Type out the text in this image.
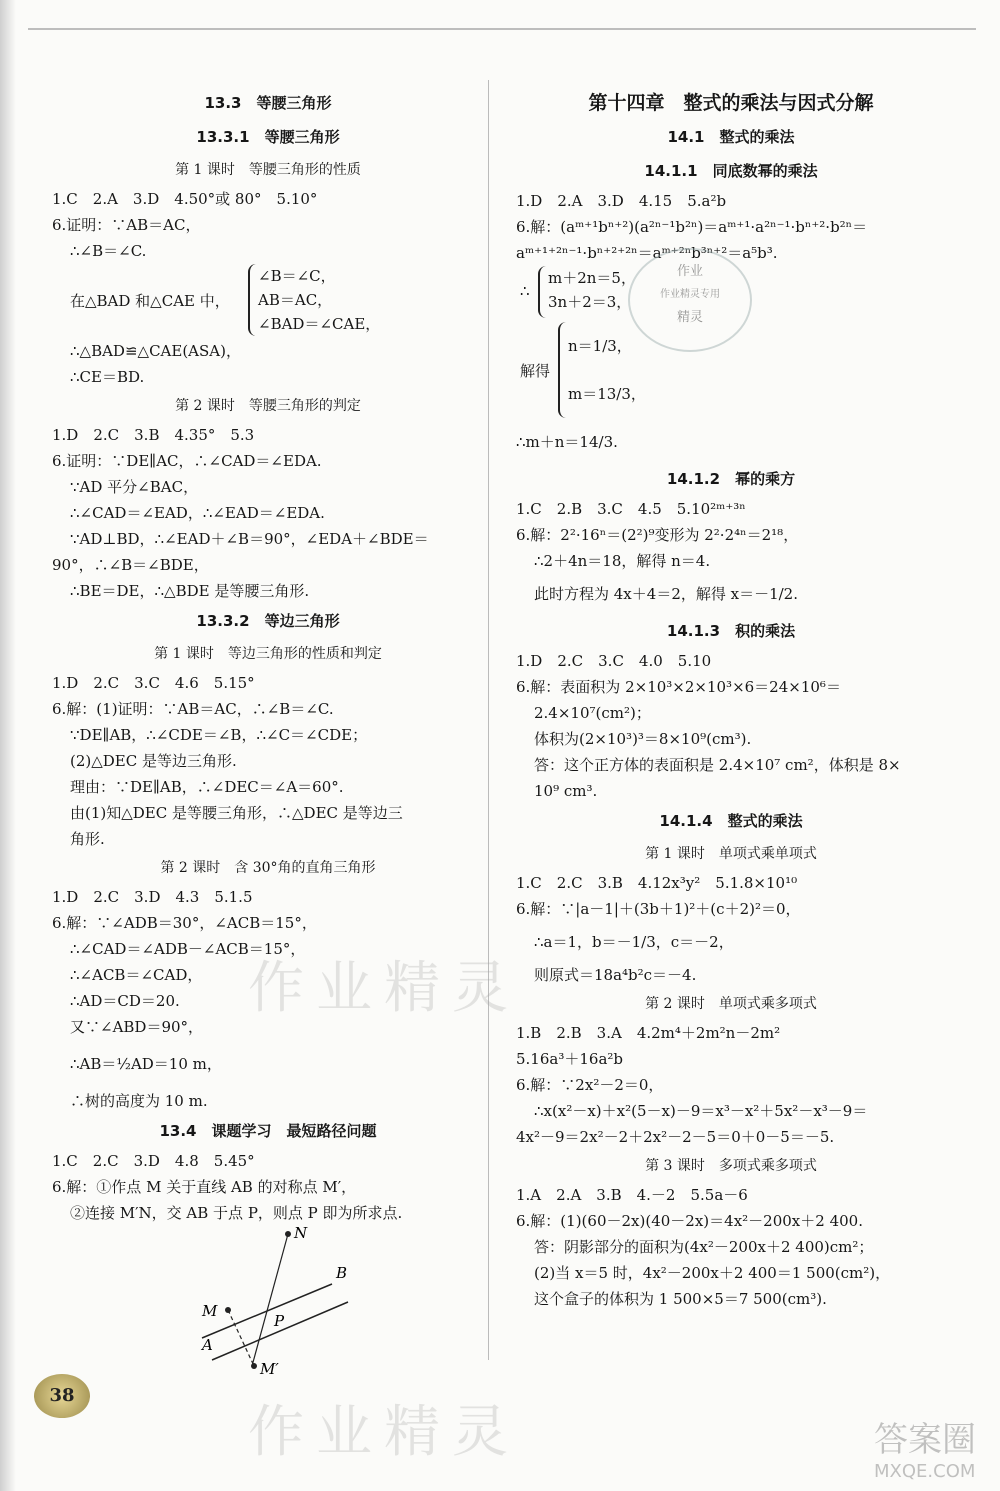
13.3　等腰三角形
13.3.1　等腰三角形
第 1 课时　等腰三角形的性质
1.C　2.A　3.D　4.50°或 80°　5.10°
6.证明：∵AB＝AC，
∴∠B＝∠C.
在△BAD 和△CAE 中，
∠B＝∠C，
AB＝AC，
∠BAD＝∠CAE，
∴△BAD≌△CAE(ASA)，
∴CE＝BD.
第 2 课时　等腰三角形的判定
1.D　2.C　3.B　4.35°　5.3
6.证明：∵DE∥AC，∴∠CAD＝∠EDA.
∵AD 平分∠BAC，
∴∠CAD＝∠EAD，∴∠EAD＝∠EDA.
∵AD⊥BD，∴∠EAD＋∠B＝90°，∠EDA＋∠BDE＝
90°，∴∠B＝∠BDE，
∴BE＝DE，∴△BDE 是等腰三角形.
13.3.2　等边三角形
第 1 课时　等边三角形的性质和判定
1.D　2.C　3.C　4.6　5.15°
6.解：(1)证明：∵AB＝AC，∴∠B＝∠C.
∵DE∥AB，∴∠CDE＝∠B，∴∠C＝∠CDE；
(2)△DEC 是等边三角形.
理由：∵DE∥AB，∴∠DEC＝∠A＝60°.
由(1)知△DEC 是等腰三角形，∴△DEC 是等边三
角形.
第 2 课时　含 30°角的直角三角形
1.D　2.C　3.D　4.3　5.1.5
6.解：∵∠ADB＝30°，∠ACB＝15°，
∴∠CAD＝∠ADB－∠ACB＝15°，
∴∠ACB＝∠CAD，
∴AD＝CD＝20.
又∵∠ABD＝90°，
∴AB＝½AD＝10 m，
∴树的高度为 10 m.
13.4　课题学习　最短路径问题
1.C　2.C　3.D　4.8　5.45°
6.解：①作点 M 关于直线 AB 的对称点 M′，
②连接 M′N，交 AB 于点 P，则点 P 即为所求点.
N
B
M
P
A
M′
第十四章　整式的乘法与因式分解
14.1　整式的乘法
14.1.1　同底数幂的乘法
1.D　2.A　3.D　4.15　5.a²b
6.解：(aᵐ⁺¹bⁿ⁺²)(a²ⁿ⁻¹b²ⁿ)＝aᵐ⁺¹·a²ⁿ⁻¹·bⁿ⁺²·b²ⁿ＝
aᵐ⁺¹⁺²ⁿ⁻¹·bⁿ⁺²⁺²ⁿ＝aᵐ⁺²ⁿb³ⁿ⁺²＝a⁵b³.
∴
m＋2n＝5，
3n＋2＝3，
解得
n＝1/3，
m＝13/3，
∴m＋n＝14/3.
14.1.2　幂的乘方
1.C　2.B　3.C　4.5　5.10²ᵐ⁺³ⁿ
6.解：2²·16ⁿ＝(2²)⁹变形为 2²·2⁴ⁿ＝2¹⁸，
∴2＋4n＝18，解得 n＝4.
此时方程为 4x＋4＝2，解得 x＝－1/2.
14.1.3　积的乘法
1.D　2.C　3.C　4.0　5.10
6.解：表面积为 2×10³×2×10³×6＝24×10⁶＝
2.4×10⁷(cm²)；
体积为(2×10³)³＝8×10⁹(cm³).
答：这个正方体的表面积是 2.4×10⁷ cm²，体积是 8×
10⁹ cm³.
14.1.4　整式的乘法
第 1 课时　单项式乘单项式
1.C　2.C　3.B　4.12x³y²　5.1.8×10¹⁰
6.解：∵|a－1|＋(3b＋1)²＋(c＋2)²＝0，
∴a＝1，b＝－1/3，c＝－2，
则原式＝18a⁴b²c＝－4.
第 2 课时　单项式乘多项式
1.B　2.B　3.A　4.2m⁴＋2m²n－2m²
5.16a³＋16a²b
6.解：∵2x²－2＝0，
∴x(x²－x)＋x²(5－x)－9＝x³－x²＋5x²－x³－9＝
4x²－9＝2x²－2＋2x²－2－5＝0＋0－5＝－5.
第 3 课时　多项式乘多项式
1.A　2.A　3.B　4.－2　5.5a－6
6.解：(1)(60－2x)(40－2x)＝4x²－200x＋2 400.
答：阴影部分的面积为(4x²－200x＋2 400)cm²；
(2)当 x＝5 时，4x²－200x＋2 400＝1 500(cm²)，
这个盒子的体积为 1 500×5＝7 500(cm³).
作业
作业精灵专用
精灵
作业精灵
作业精灵
38
答案圈
MXQE.COM
